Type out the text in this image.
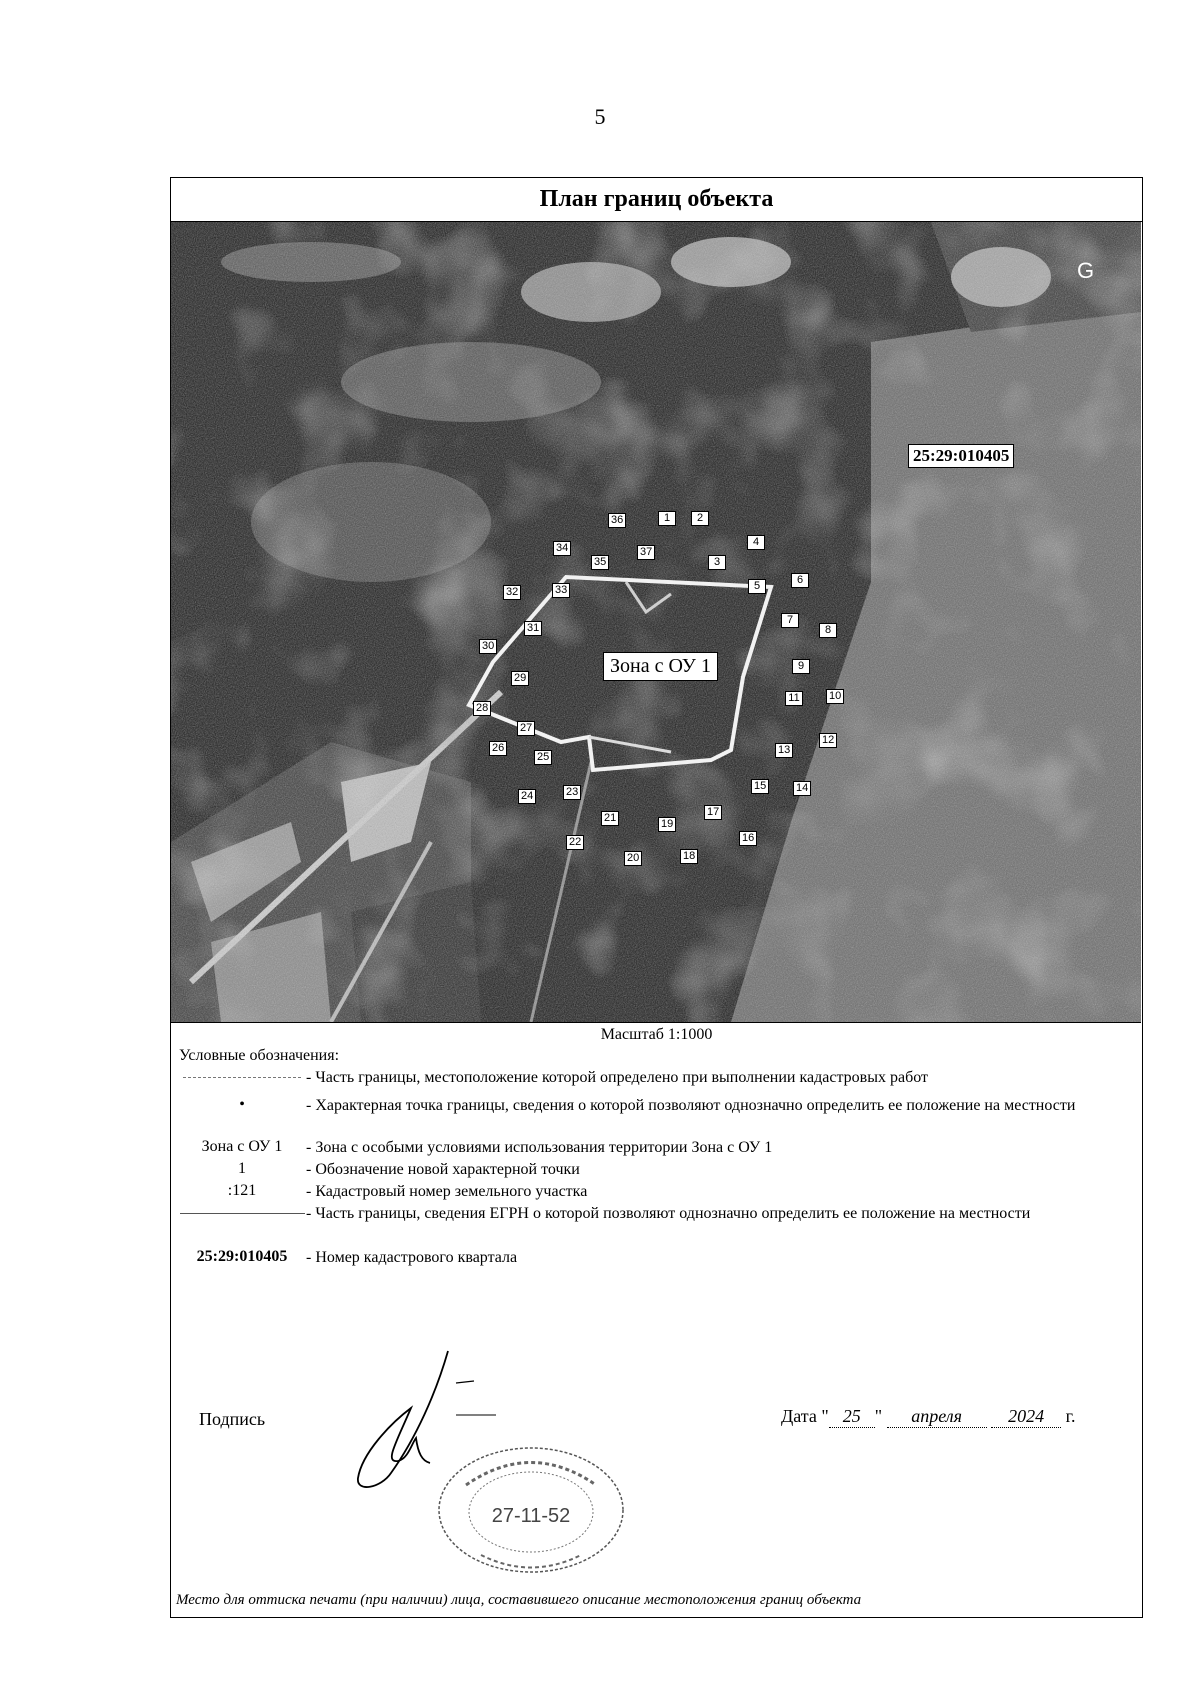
5
План границ объекта
25:29:010405
Зона с ОУ 1
G
36	1	2
4
34	37
35	3
5	6
32	33
7
8
31
30
9
29
10
28
11
27
12
26	13
25
15	14
24	23
17
21	19
16
22
20	18
Масштаб 1:1000
Условные обозначения:
- Часть границы, местоположение которой определено при выполнении кадастровых работ
•	- Характерная точка границы, сведения о которой позволяют однозначно определить ее положение на местности
Зона с ОУ 1	- Зона с особыми условиями использования территории Зона с ОУ 1
1	- Обозначение новой характерной точки
:121	- Кадастровый номер земельного участка
- Часть границы, сведения ЕГРН о которой позволяют однозначно определить ее положение на местности
25:29:010405	- Номер кадастрового квартала
Подпись
27-11-52
Дата " 25 " апреля	2024 г.
Место для оттиска печати (при наличии) лица, составившего описание местоположения границ объекта
